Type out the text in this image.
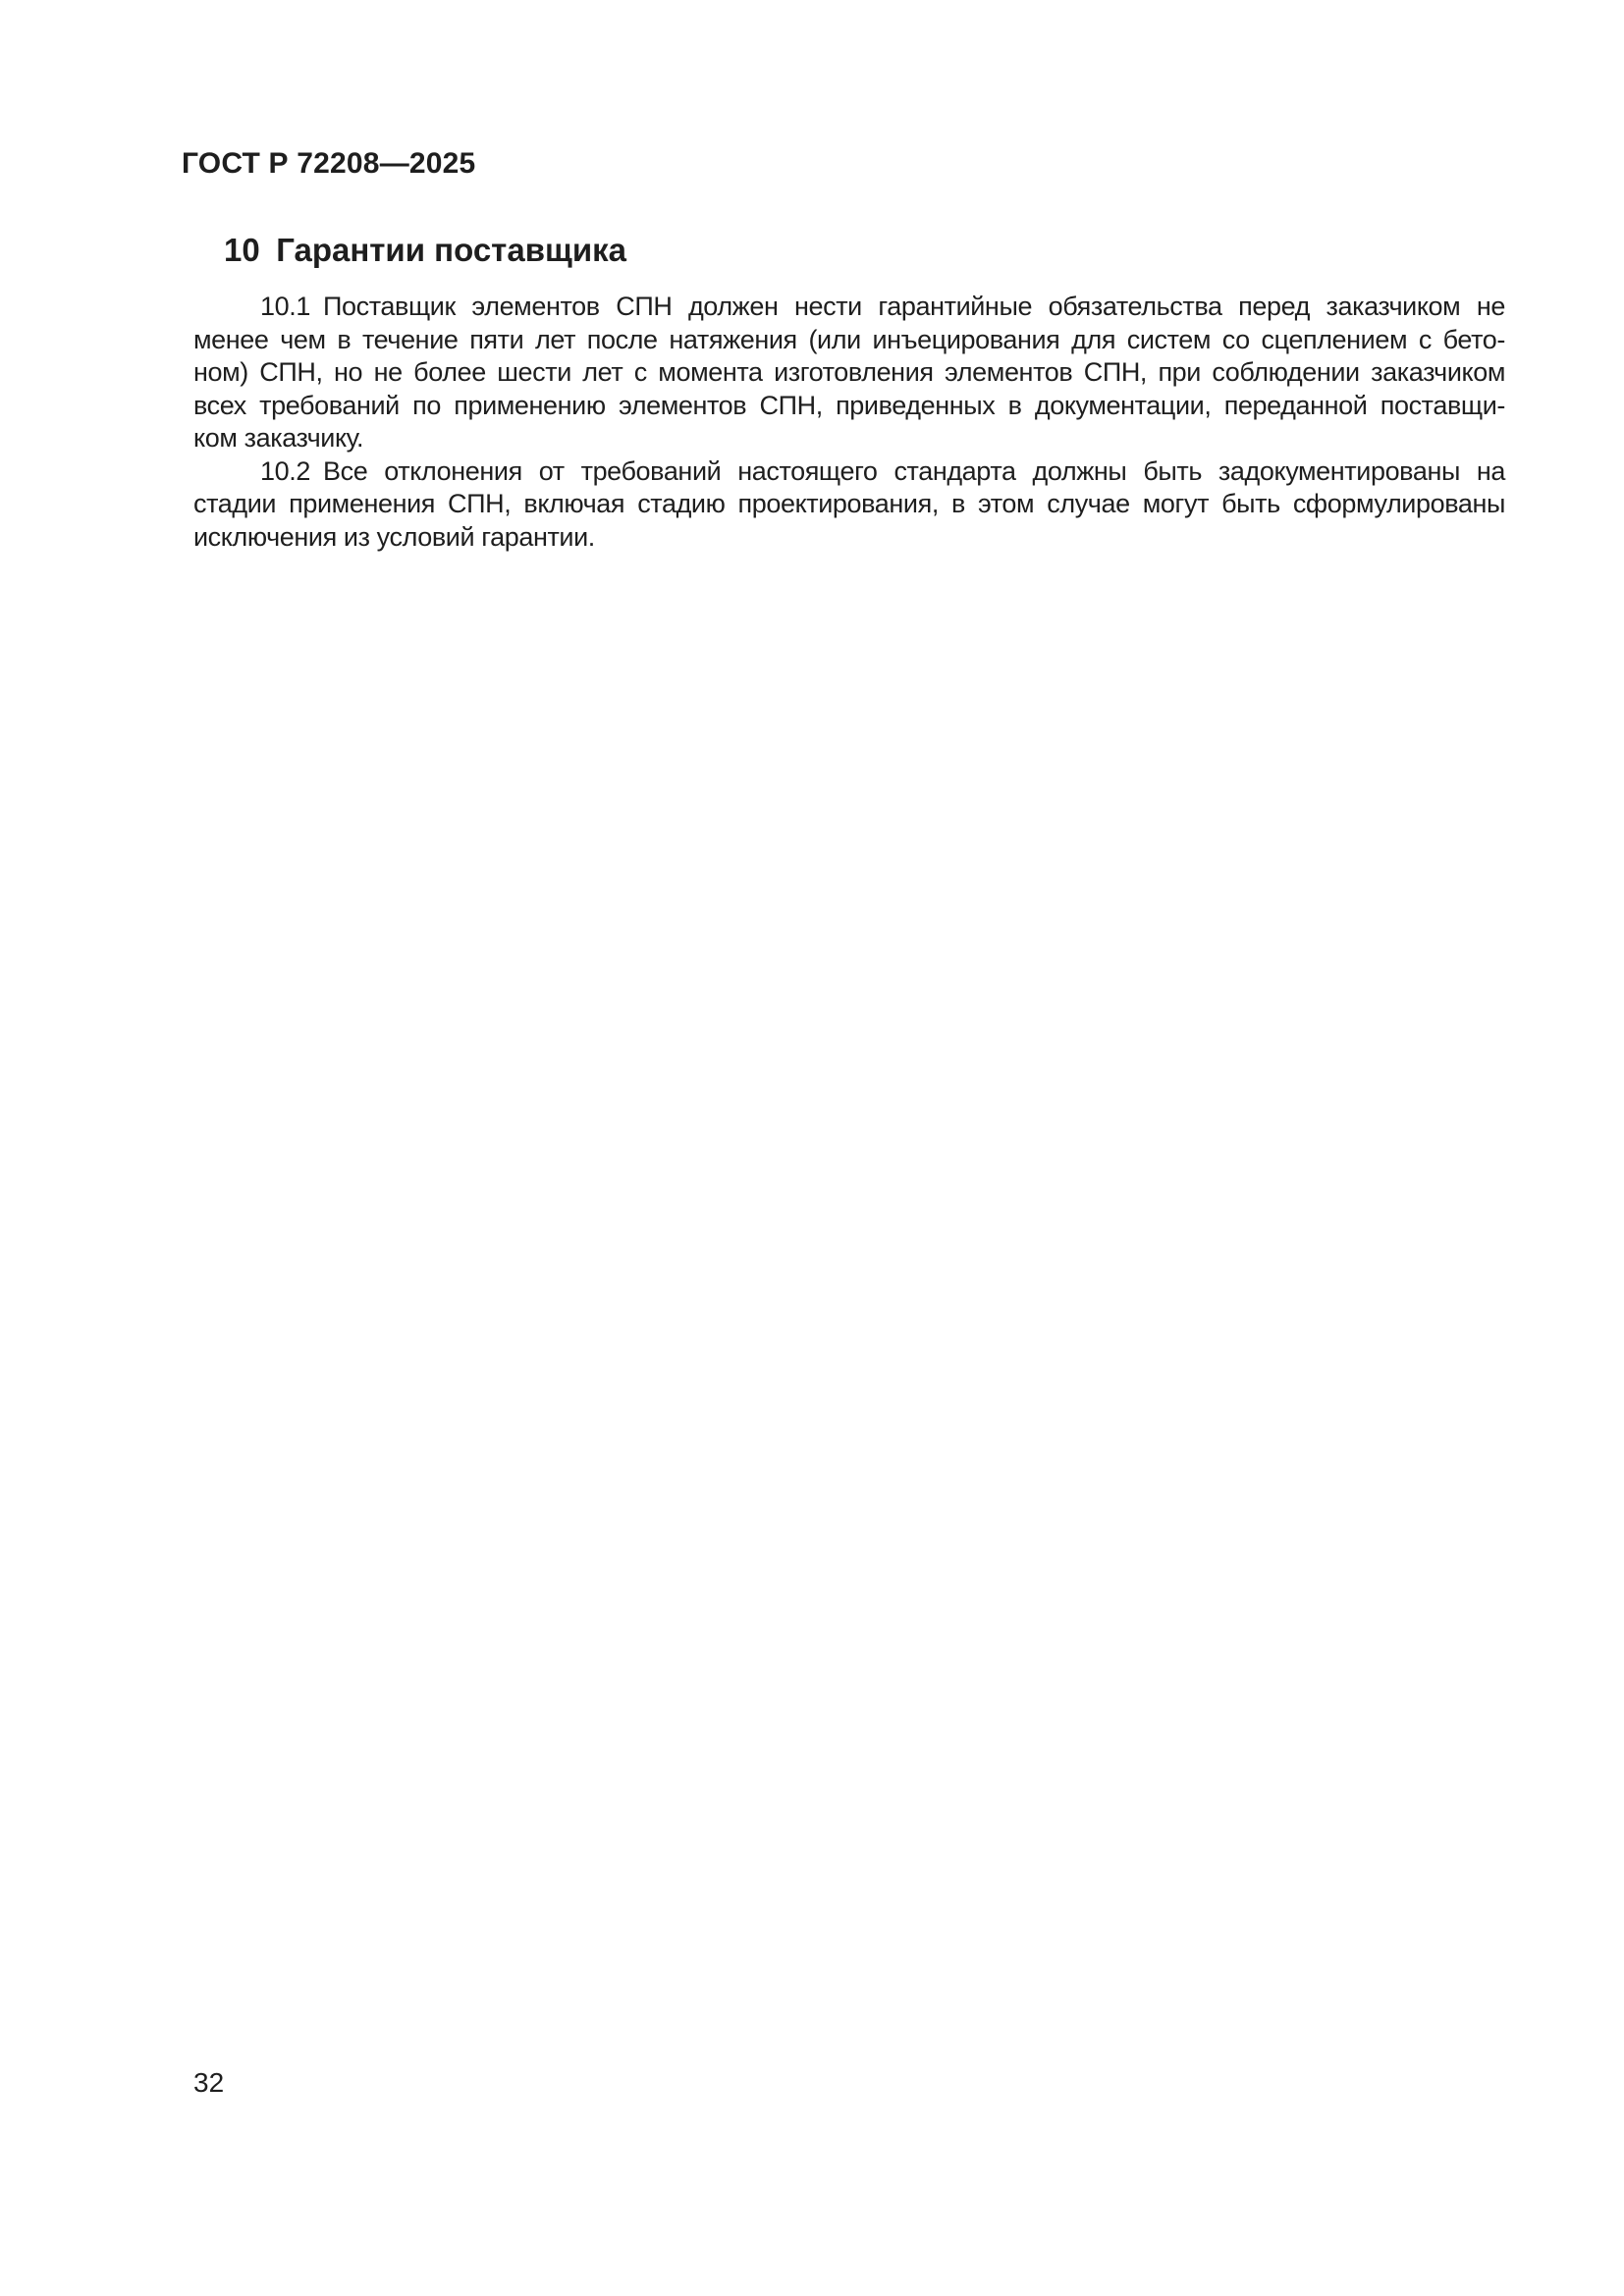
ГОСТ Р 72208—2025
10 Гарантии поставщика
10.1 Поставщик элементов СПН должен нести гарантийные обязательства перед заказчиком не
менее чем в течение пяти лет после натяжения (или инъецирования для систем со сцеплением с бето-
ном) СПН, но не более шести лет с момента изготовления элементов СПН, при соблюдении заказчиком
всех требований по применению элементов СПН, приведенных в документации, переданной поставщи-
ком заказчику.
10.2 Все отклонения от требований настоящего стандарта должны быть задокументированы на
стадии применения СПН, включая стадию проектирования, в этом случае могут быть сформулированы
исключения из условий гарантии.
32
